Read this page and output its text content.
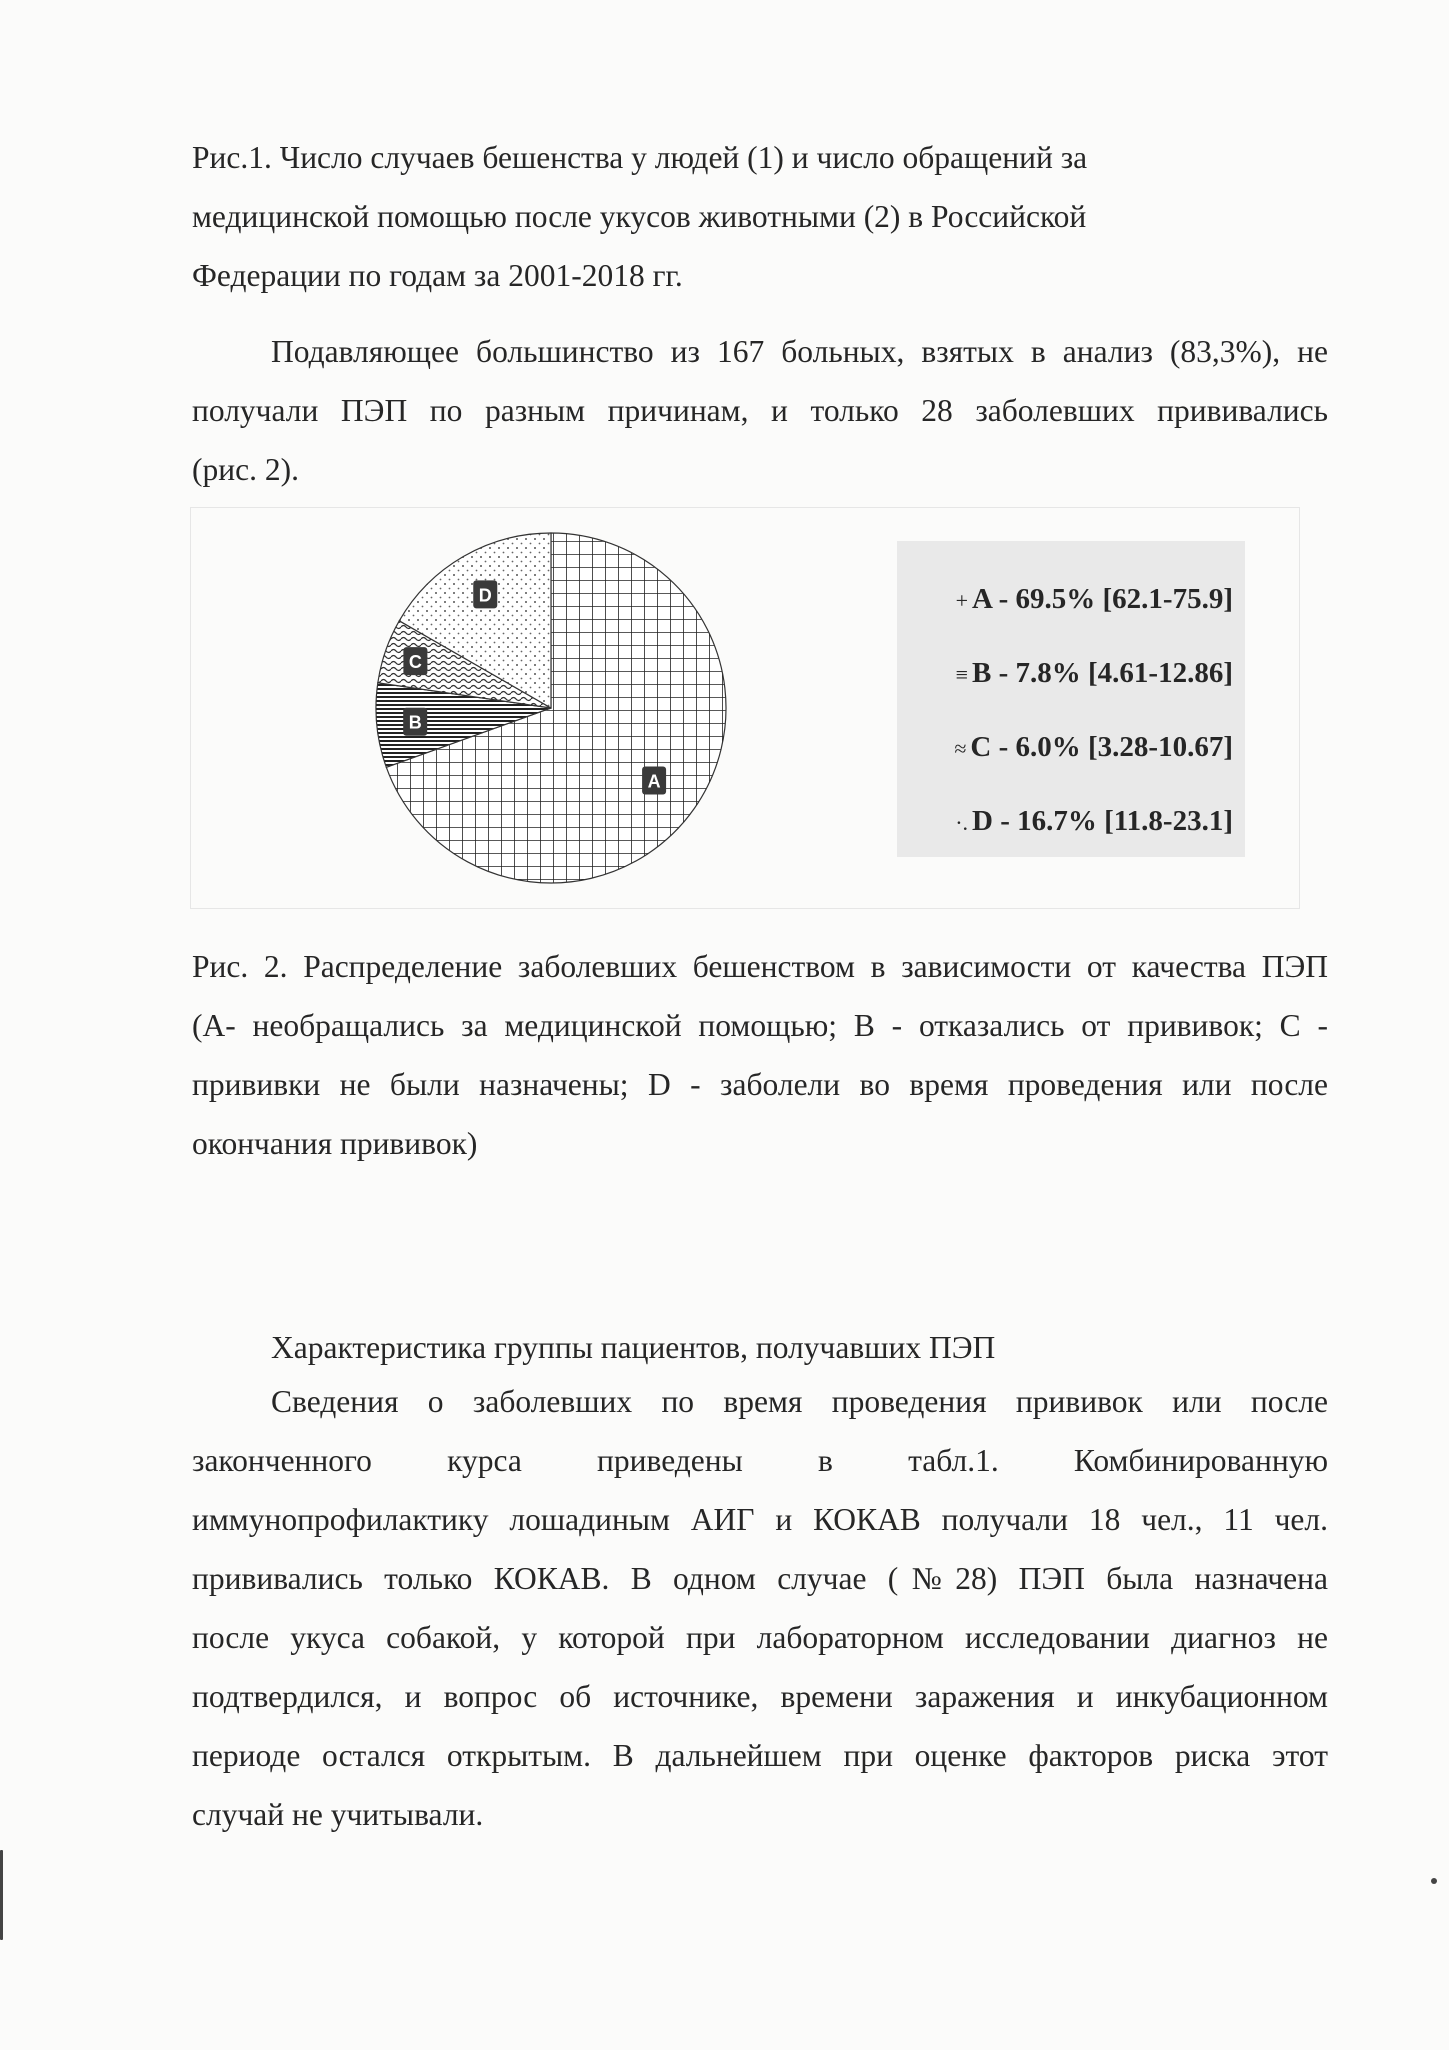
Рис.1. Число случаев бешенства у людей (1) и число обращений за
медицинской помощью после укусов животными (2) в Российской
Федерации по годам за 2001-2018 гг.
Подавляющее большинство из 167 больных, взятых в анализ (83,3%), не
получали ПЭП по разным причинам, и только 28 заболевших прививались
(рис. 2).
A
B
C
D	+ A - 69.5% [62.1-75.9]
≡ B - 7.8% [4.61-12.86]
≈ C - 6.0% [3.28-10.67]
·. D - 16.7% [11.8-23.1]
Рис. 2. Распределение заболевших бешенством в зависимости от качества ПЭП
(А- необращались за медицинской помощью; В - отказались от прививок; С -
прививки не были назначены; D - заболели во время проведения или после
окончания прививок)
Характеристика группы пациентов, получавших ПЭП
Сведения о заболевших по время проведения прививок или после
законченного курса приведены в табл.1. Комбинированную
иммунопрофилактику лошадиным АИГ и КОКАВ получали 18 чел., 11 чел.
прививались только КОКАВ. В одном случае (№28) ПЭП была назначена
после укуса собакой, у которой при лабораторном исследовании диагноз не
подтвердился, и вопрос об источнике, времени заражения и инкубационном
периоде остался открытым. В дальнейшем при оценке факторов риска этот
случай не учитывали.
